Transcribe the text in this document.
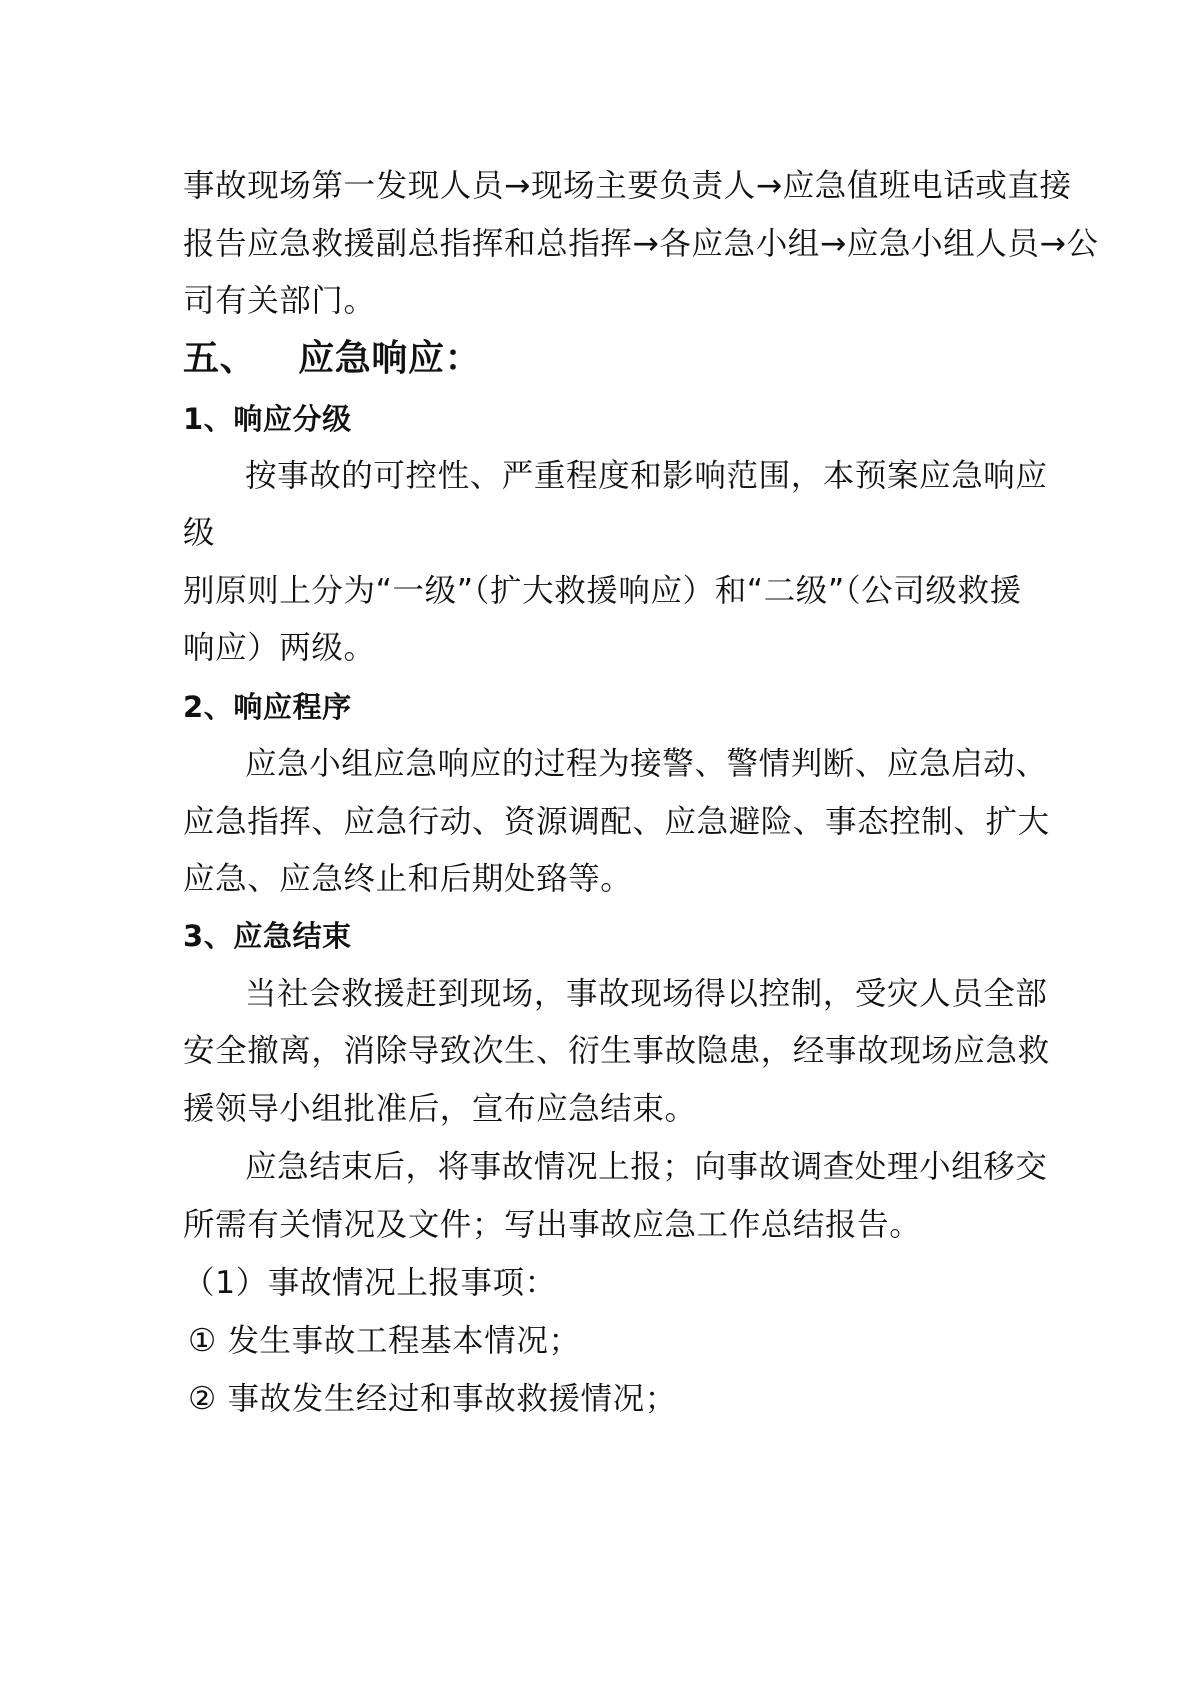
事故现场第一发现人员→现场主要负责人→应急值班电话或直接

报告应急救援副总指挥和总指挥→各应急小组→应急小组人员→公

司有关部门。

五、 应急响应：

1、响应分级

按事故的可控性、严重程度和影响范围，本预案应急响应

级

别原则上分为“一级”（扩大救援响应）和“二级”（公司级救援

响应）两级。

2、响应程序

应急小组应急响应的过程为接警、警情判断、应急启动、

应急指挥、应急行动、资源调配、应急避险、事态控制、扩大

应急、应急终止和后期处臵等。

3、应急结束

当社会救援赶到现场，事故现场得以控制，受灾人员全部

安全撤离，消除导致次生、衍生事故隐患，经事故现场应急救

援领导小组批准后，宣布应急结束。

应急结束后，将事故情况上报；向事故调查处理小组移交

所需有关情况及文件；写出事故应急工作总结报告。

（1）事故情况上报事项：

① 发生事故工程基本情况；

② 事故发生经过和事故救援情况；
